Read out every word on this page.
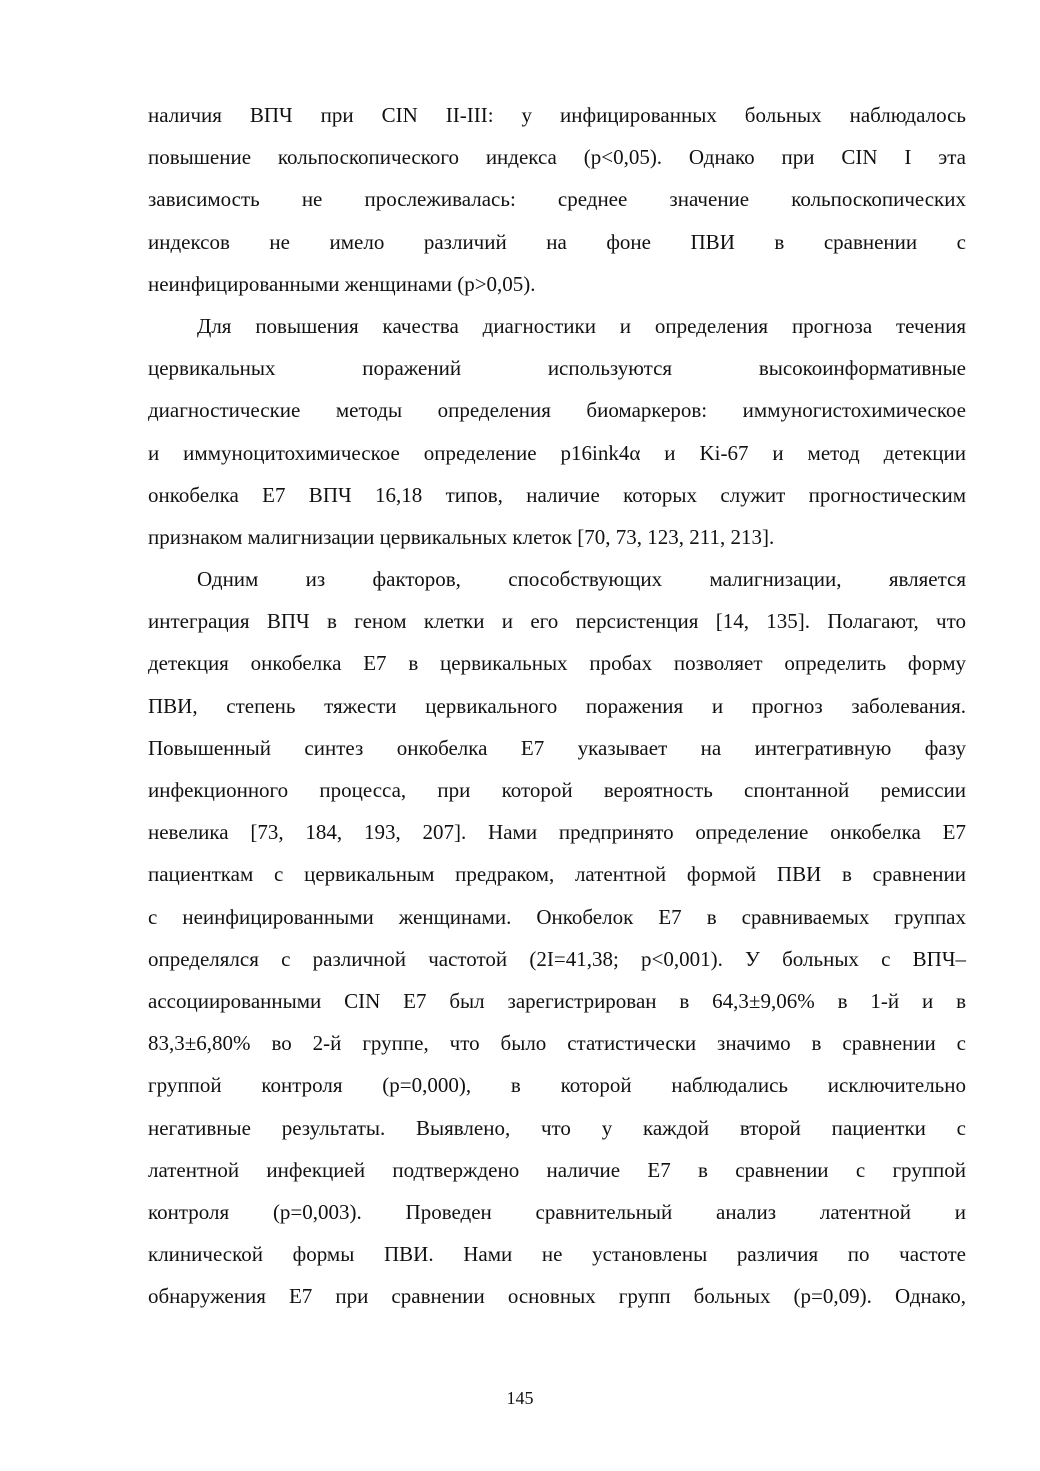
наличия ВПЧ при CIN II-III: у инфицированных больных наблюдалось
повышение кольпоскопического индекса (p<0,05). Однако при CIN I эта
зависимость не прослеживалась: среднее значение кольпоскопических
индексов не имело различий на фоне ПВИ в сравнении с
неинфицированными женщинами (p>0,05).

Для повышения качества диагностики и определения прогноза течения
цервикальных поражений используются высокоинформативные
диагностические методы определения биомаркеров: иммуногистохимическое
и иммуноцитохимическое определение p16ink4α и Ki-67 и метод детекции
онкобелка E7 ВПЧ 16,18 типов, наличие которых служит прогностическим
признаком малигнизации цервикальных клеток [70, 73, 123, 211, 213].

Одним из факторов, способствующих малигнизации, является
интеграция ВПЧ в геном клетки и его персистенция [14, 135]. Полагают, что
детекция онкобелка Е7 в цервикальных пробах позволяет определить форму
ПВИ, степень тяжести цервикального поражения и прогноз заболевания.
Повышенный синтез онкобелка Е7 указывает на интегративную фазу
инфекционного процесса, при которой вероятность спонтанной ремиссии
невелика [73, 184, 193, 207]. Нами предпринято определение онкобелка E7
пациенткам с цервикальным предраком, латентной формой ПВИ в сравнении
с неинфицированными женщинами. Онкобелок E7 в сравниваемых группах
определялся с различной частотой (2I=41,38; p<0,001). У больных с ВПЧ–
ассоциированными CIN E7 был зарегистрирован в 64,3±9,06% в 1-й и в
83,3±6,80% во 2-й группе, что было статистически значимо в сравнении с
группой контроля (p=0,000), в которой наблюдались исключительно
негативные результаты. Выявлено, что у каждой второй пациентки с
латентной инфекцией подтверждено наличие E7 в сравнении с группой
контроля (p=0,003). Проведен сравнительный анализ латентной и
клинической формы ПВИ. Нами не установлены различия по частоте
обнаружения E7 при сравнении основных групп больных (p=0,09). Однако,

145
